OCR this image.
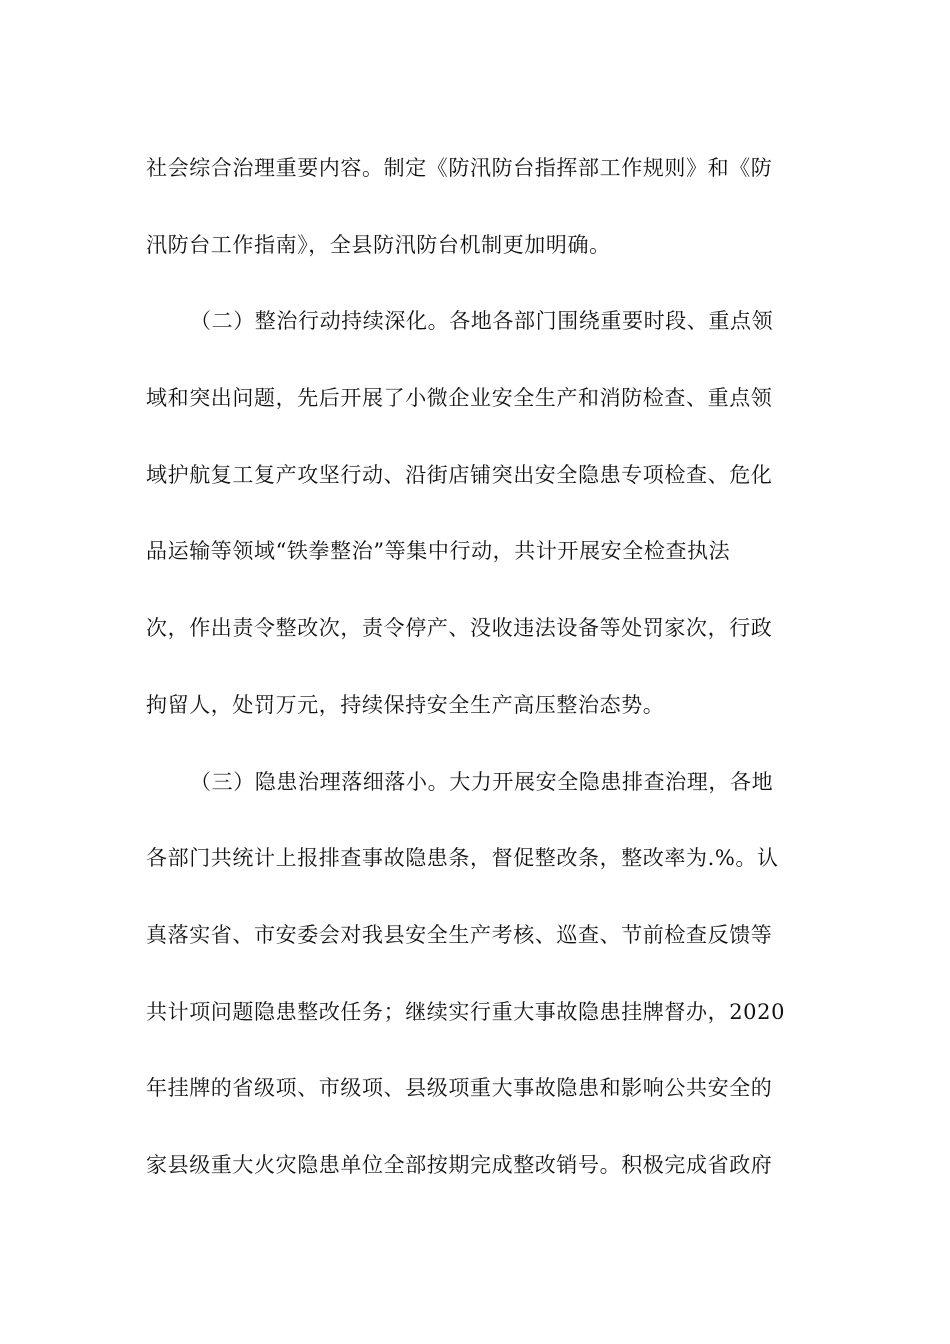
社会综合治理重要内容。制定《防汛防台指挥部工作规则》和《防
汛防台工作指南》，全县防汛防台机制更加明确。
（二）整治行动持续深化。各地各部门围绕重要时段、重点领
域和突出问题，先后开展了小微企业安全生产和消防检查、重点领
域护航复工复产攻坚行动、沿街店铺突出安全隐患专项检查、危化
品运输等领域“铁拳整治”等集中行动，共计开展安全检查执法
次，作出责令整改次，责令停产、没收违法设备等处罚家次，行政
拘留人，处罚万元，持续保持安全生产高压整治态势。
（三）隐患治理落细落小。大力开展安全隐患排查治理，各地
各部门共统计上报排查事故隐患条，督促整改条，整改率为.%。认
真落实省、市安委会对我县安全生产考核、巡查、节前检查反馈等
共计项问题隐患整改任务；继续实行重大事故隐患挂牌督办，2020
年挂牌的省级项、市级项、县级项重大事故隐患和影响公共安全的
家县级重大火灾隐患单位全部按期完成整改销号。积极完成省政府
